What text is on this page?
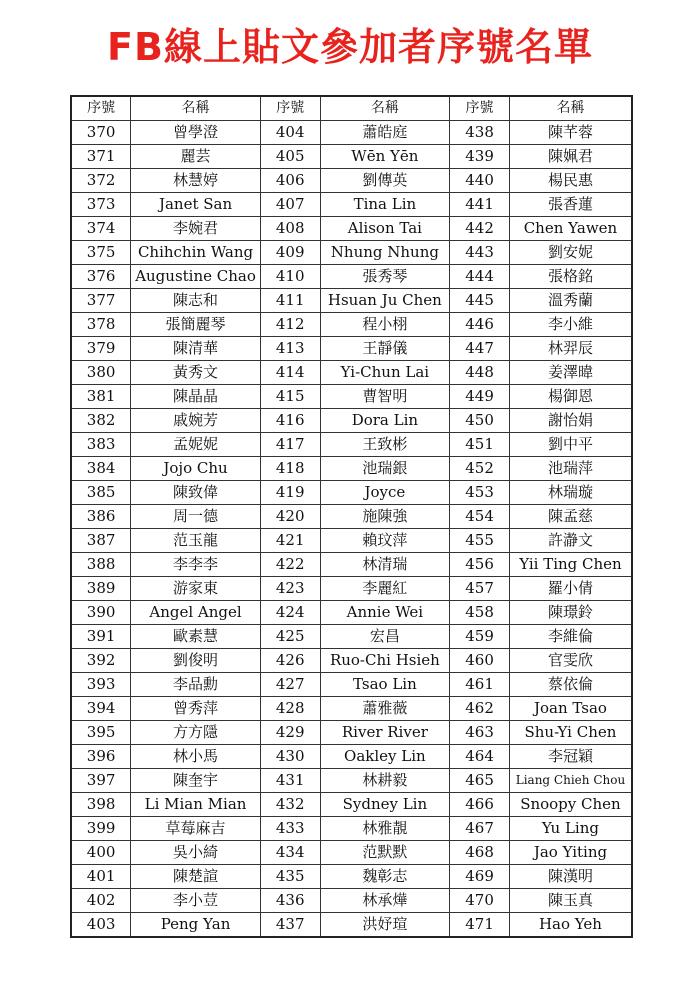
FB線上貼文參加者序號名單
序號	名稱	序號	名稱	序號	名稱
370	曾學澄	404	蕭皓庭	438	陳芊蓉
371	麗芸	405	Wēn Yēn	439	陳姵君
372	林慧婷	406	劉傳英	440	楊民惠
373	Janet San	407	Tina Lin	441	張香蓮
374	李婉君	408	Alison Tai	442	Chen Yawen
375	Chihchin Wang	409	Nhung Nhung	443	劉安妮
376	Augustine Chao	410	張秀琴	444	張格銘
377	陳志和	411	Hsuan Ju Chen	445	溫秀蘭
378	張簡麗琴	412	程小栩	446	李小維
379	陳清華	413	王靜儀	447	林羿辰
380	黃秀文	414	Yi-Chun Lai	448	姜澤暐
381	陳晶晶	415	曹智明	449	楊御恩
382	戚婉芳	416	Dora Lin	450	謝怡娟
383	孟妮妮	417	王致彬	451	劉中平
384	Jojo Chu	418	池瑞銀	452	池瑞萍
385	陳致偉	419	Joyce	453	林瑞璇
386	周一德	420	施陳強	454	陳孟慈
387	范玉龍	421	賴玟萍	455	許瀞文
388	李李李	422	林清瑞	456	Yii Ting Chen
389	游家東	423	李麗紅	457	羅小倩
390	Angel Angel	424	Annie Wei	458	陳璟鈴
391	歐素慧	425	宏昌	459	李維倫
392	劉俊明	426	Ruo-Chi Hsieh	460	官雯欣
393	李品勳	427	Tsao Lin	461	蔡依倫
394	曾秀萍	428	蕭雅薇	462	Joan Tsao
395	方方隱	429	River River	463	Shu-Yi Chen
396	林小馬	430	Oakley Lin	464	李冠穎
397	陳奎宇	431	林耕毅	465	Liang Chieh Chou
398	Li Mian Mian	432	Sydney Lin	466	Snoopy Chen
399	草莓麻吉	433	林雅靚	467	Yu Ling
400	吳小綺	434	范默默	468	Jao Yiting
401	陳楚諠	435	魏彰志	469	陳漢明
402	李小荳	436	林承燁	470	陳玉真
403	Peng Yan	437	洪妤瑄	471	Hao Yeh
